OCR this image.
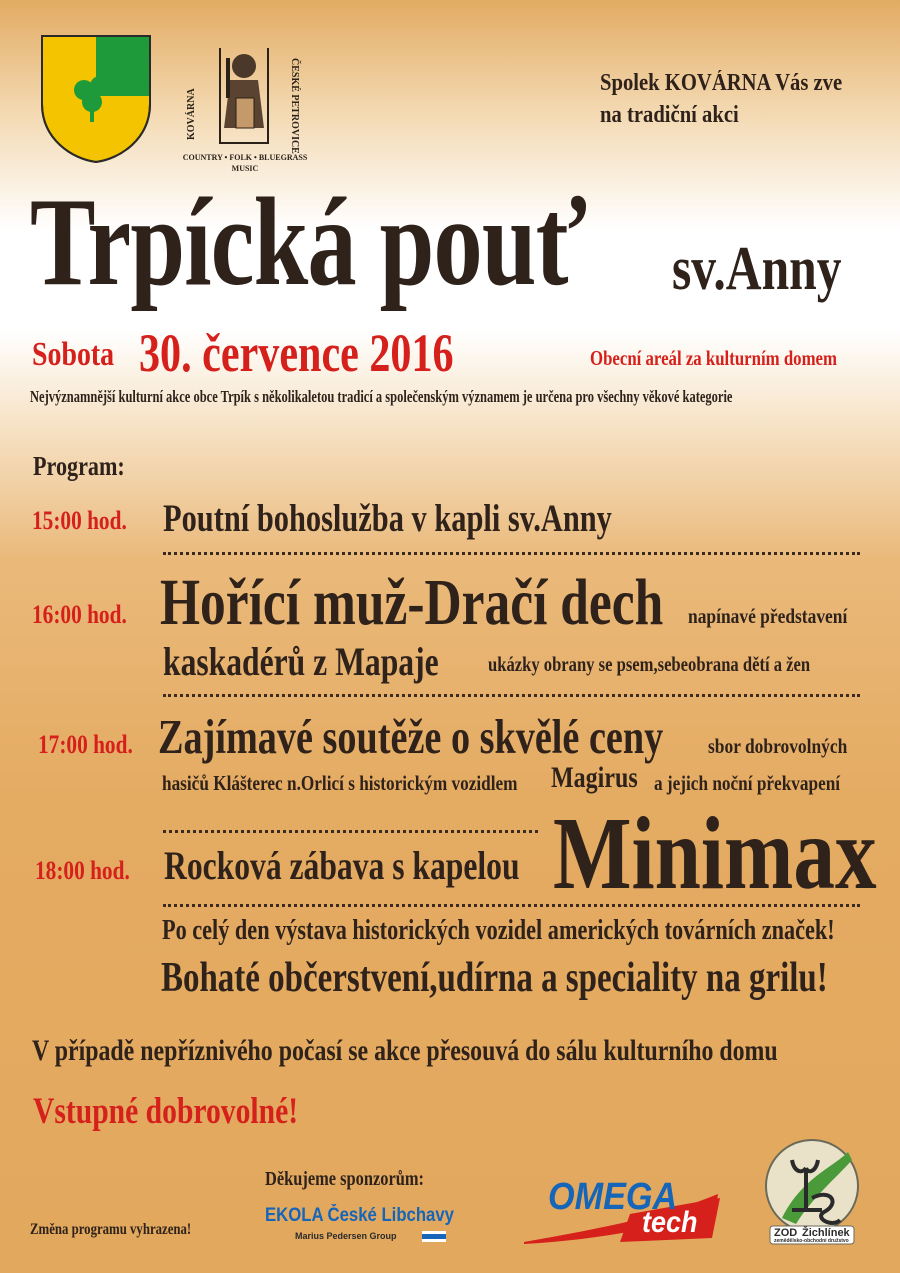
KOVÁRNA	ČESKÉ PETROVICE
COUNTRY • FOLK • BLUEGRASS
MUSIC
Spolek KOVÁRNA Vás zve
na tradiční akci
Trpícká pouť sv.Anny
Sobota 30. července 2016	Obecní areál za kulturním domem
Nejvýznamnější kulturní akce obce Trpík s několikaletou tradicí a společenským významem je určena pro všechny věkové kategorie
Program:
15:00 hod. Poutní bohoslužba v kapli sv.Anny
16:00 hod. Hořící muž-Dračí dech napínavé představení
kaskadérů z Mapaje ukázky obrany se psem,sebeobrana dětí a žen
17:00 hod. Zajímavé soutěže o skvělé ceny sbor dobrovolných
hasičů Klášterec n.Orlicí s historickým vozidlem Magirus a jejich noční překvapení
18:00 hod. Rocková zábava s kapelou Minimax
Po celý den výstava historických vozidel amerických továrních značek!
Bohaté občerstvení,udírna a speciality na grilu!
V případě nepříznivého počasí se akce přesouvá do sálu kulturního domu
Vstupné dobrovolné!
Změna programu vyhrazena!
Děkujeme sponzorům:
EKOLA České Libchavy
Marius Pedersen Group
OMEGA
tech	ZOD Žichlínek
zemědělsko-obchodní družstvo
